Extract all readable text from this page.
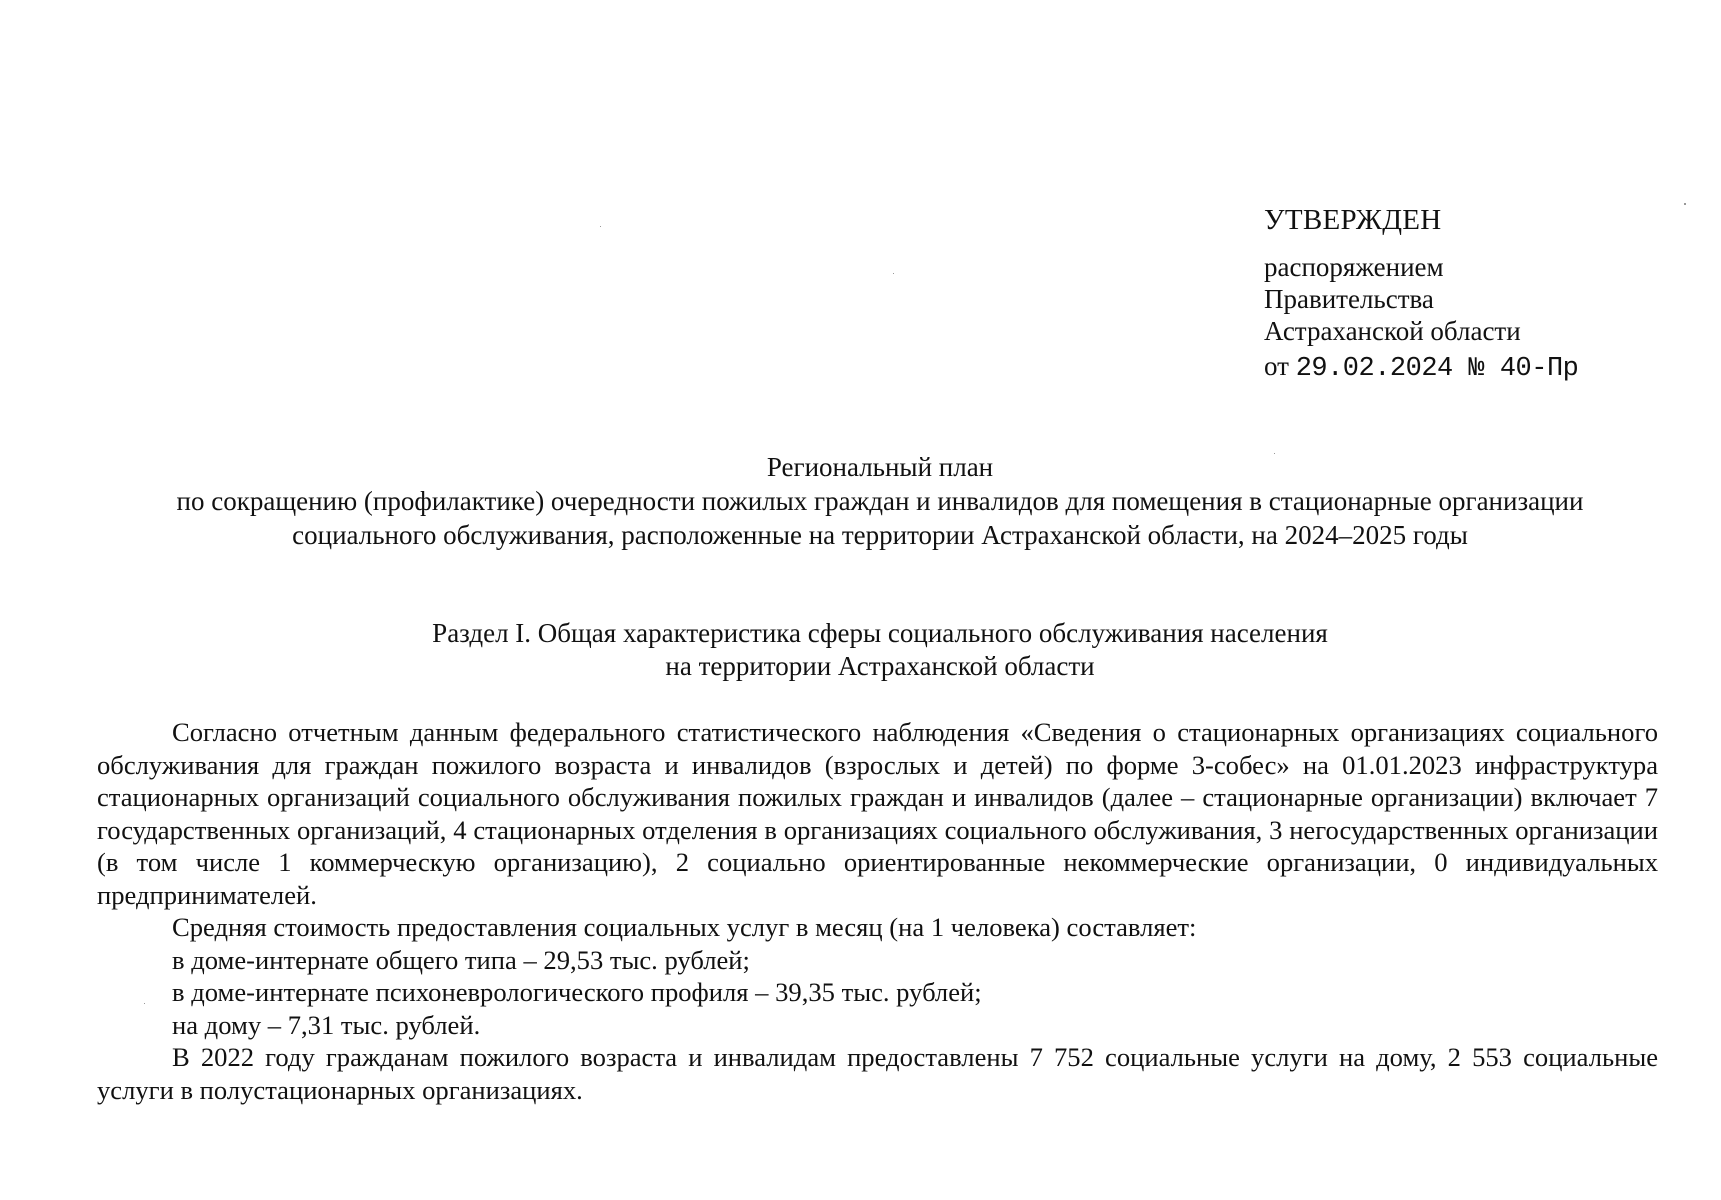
УТВЕРЖДЕН
распоряжением
Правительства
Астраханской области
от 29.02.2024 № 40-Пр
Региональный план
по сокращению (профилактике) очередности пожилых граждан и инвалидов для помещения в стационарные организации
социального обслуживания, расположенные на территории Астраханской области, на 2024–2025 годы
Раздел I. Общая характеристика сферы социального обслуживания населения
на территории Астраханской области

Согласно отчетным данным федерального статистического наблюдения «Сведения о стационарных организациях социального обслуживания для граждан пожилого возраста и инвалидов (взрослых и детей) по форме 3-собес» на 01.01.2023 инфраструктура стационарных организаций социального обслуживания пожилых граждан и инвалидов (далее – стационарные организации) включает 7 государственных организаций, 4 стационарных отделения в организациях социального обслуживания, 3 негосударственных организации (в том числе 1 коммерческую организацию), 2 социально ориентированные некоммерческие организации, 0 индивидуальных предпринимателей.

Средняя стоимость предоставления социальных услуг в месяц (на 1 человека) составляет:

в доме-интернате общего типа – 29,53 тыс. рублей;

в доме-интернате психоневрологического профиля – 39,35 тыс. рублей;

на дому – 7,31 тыс. рублей.

В 2022 году гражданам пожилого возраста и инвалидам предоставлены 7 752 социальные услуги на дому, 2 553 социальные услуги в полустационарных организациях.
